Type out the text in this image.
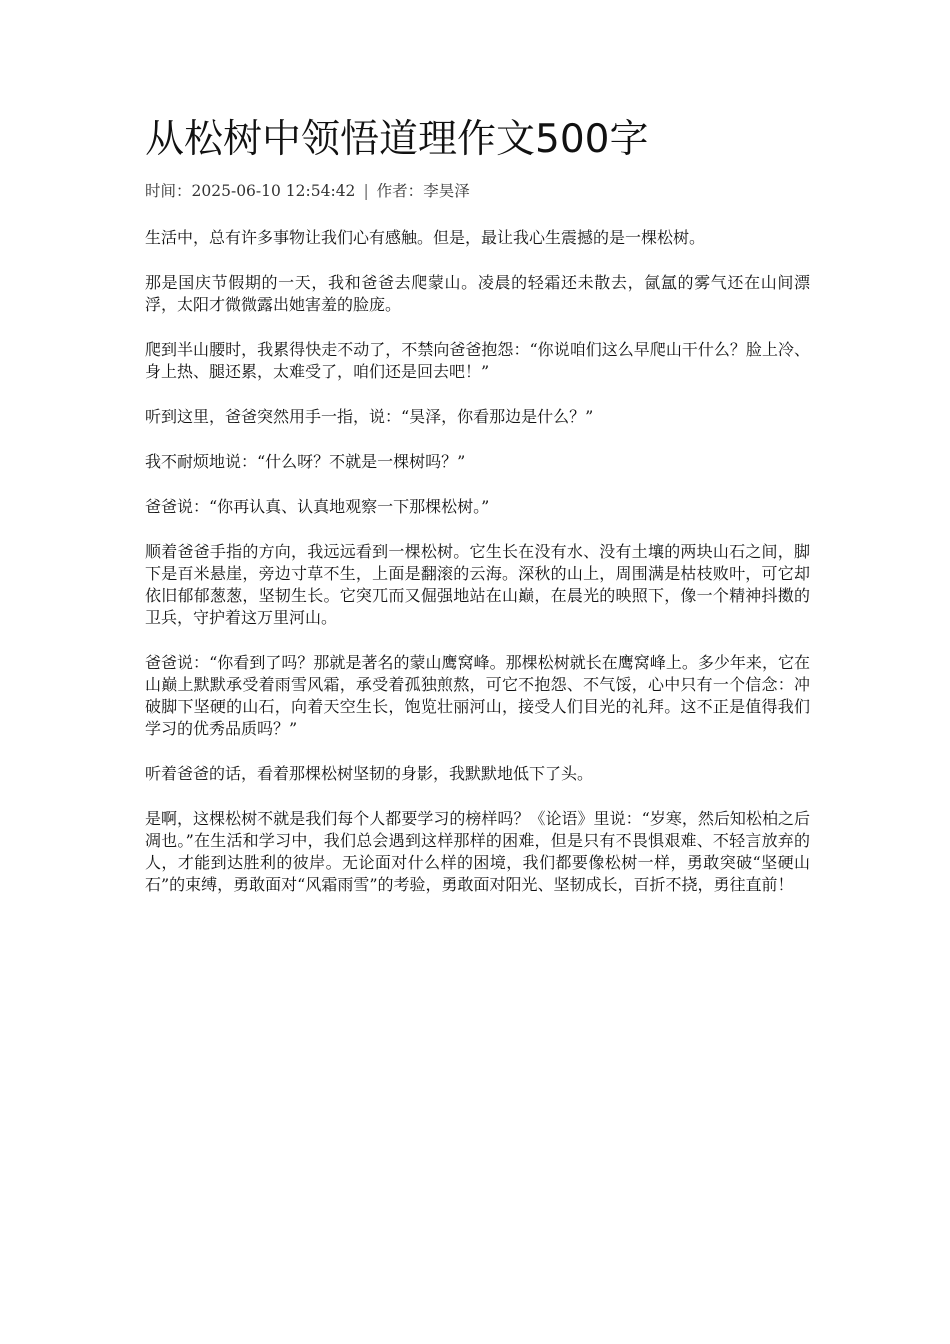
从松树中领悟道理作文500字
时间：2025-06-10 12:54:42 | 作者：李昊泽

生活中，总有许多事物让我们心有感触。但是，最让我心生震撼的是一棵松树。

那是国庆节假期的一天，我和爸爸去爬蒙山。凌晨的轻霜还未散去，氤氲的雾气还在山间漂浮，太阳才微微露出她害羞的脸庞。

爬到半山腰时，我累得快走不动了，不禁向爸爸抱怨：“你说咱们这么早爬山干什么？脸上冷、身上热、腿还累，太难受了，咱们还是回去吧！”

听到这里，爸爸突然用手一指，说：“昊泽，你看那边是什么？”

我不耐烦地说：“什么呀？不就是一棵树吗？”

爸爸说：“你再认真、认真地观察一下那棵松树。”

顺着爸爸手指的方向，我远远看到一棵松树。它生长在没有水、没有土壤的两块山石之间，脚下是百米悬崖，旁边寸草不生，上面是翻滚的云海。深秋的山上，周围满是枯枝败叶，可它却依旧郁郁葱葱，坚韧生长。它突兀而又倔强地站在山巅，在晨光的映照下，像一个精神抖擞的卫兵，守护着这万里河山。

爸爸说：“你看到了吗？那就是著名的蒙山鹰窝峰。那棵松树就长在鹰窝峰上。多少年来，它在山巅上默默承受着雨雪风霜，承受着孤独煎熬，可它不抱怨、不气馁，心中只有一个信念：冲破脚下坚硬的山石，向着天空生长，饱览壮丽河山，接受人们目光的礼拜。这不正是值得我们学习的优秀品质吗？”

听着爸爸的话，看着那棵松树坚韧的身影，我默默地低下了头。

是啊，这棵松树不就是我们每个人都要学习的榜样吗？《论语》里说：“岁寒，然后知松柏之后凋也。”在生活和学习中，我们总会遇到这样那样的困难，但是只有不畏惧艰难、不轻言放弃的人，才能到达胜利的彼岸。无论面对什么样的困境，我们都要像松树一样，勇敢突破“坚硬山石”的束缚，勇敢面对“风霜雨雪”的考验，勇敢面对阳光、坚韧成长，百折不挠，勇往直前！
